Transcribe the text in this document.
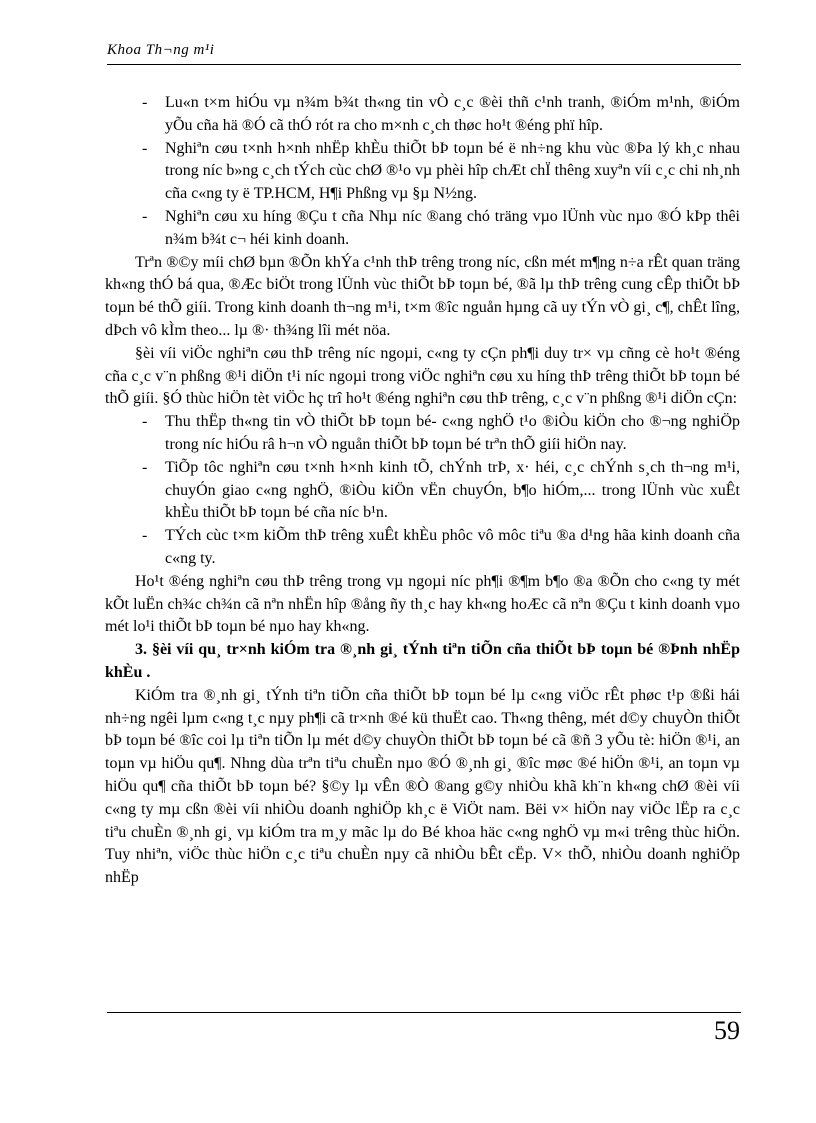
Khoa Th¬ng m¹i
- Lu«n t×m hiÓu vµ n¾m b¾t th«ng tin vÒ c¸c ®èi thñ c¹nh tranh, ®iÓm m¹nh, ®iÓm yÕu cña hä ®Ó cã thÓ rót ra cho m×nh c¸ch thøc ho¹t ®éng phï hîp.
- Nghiªn cøu t×nh h×nh nhËp khÈu thiÕt bÞ toµn bé ë nh÷ng khu vùc ®Þa lý kh¸c nhau trong níc b»ng c¸ch tÝch cùc chØ ®¹o vµ phèi hîp chÆt chÏ thêng xuyªn víi c¸c chi nh¸nh cña c«ng ty ë TP.HCM, H¶i Phßng vµ §µ N½ng.
- Nghiªn cøu xu híng ®Çu t cña Nhµ níc ®ang chó träng vµo lÜnh vùc nµo ®Ó kÞp thêi n¾m b¾t c¬ héi kinh doanh.

Trªn ®©y míi chØ bµn ®Õn khÝa c¹nh thÞ trêng trong níc, cßn mét m¶ng n÷a rÊt quan träng kh«ng thÓ bá qua, ®Æc biÖt trong lÜnh vùc thiÕt bÞ toµn bé, ®ã lµ thÞ trêng cung cÊp thiÕt bÞ toµn bé thÕ giíi. Trong kinh doanh th¬ng m¹i, t×m ®îc nguån hµng cã uy tÝn vÒ gi¸ c¶, chÊt lîng, dÞch vô kÌm theo... lµ ®· th¾ng lîi mét nöa.

§èi víi viÖc nghiªn cøu thÞ trêng níc ngoµi, c«ng ty cÇn ph¶i duy tr× vµ cñng cè ho¹t ®éng cña c¸c v¨n phßng ®¹i diÖn t¹i níc ngoµi trong viÖc nghiªn cøu xu híng thÞ trêng thiÕt bÞ toµn bé thÕ giíi. §Ó thùc hiÖn tèt viÖc hç trî ho¹t ®éng nghiªn cøu thÞ trêng, c¸c v¨n phßng ®¹i diÖn cÇn:

- Thu thËp th«ng tin vÒ thiÕt bÞ toµn bé- c«ng nghÖ t¹o ®iÒu kiÖn cho ®¬ng nghiÖp trong níc hiÓu râ h¬n vÒ nguån thiÕt bÞ toµn bé trªn thÕ giíi hiÖn nay.
- TiÕp tôc nghiªn cøu t×nh h×nh kinh tÕ, chÝnh trÞ, x· héi, c¸c chÝnh s¸ch th¬ng m¹i, chuyÓn giao c«ng nghÖ, ®iÒu kiÖn vËn chuyÓn, b¶o hiÓm,... trong lÜnh vùc xuÊt khÈu thiÕt bÞ toµn bé cña níc b¹n.
- TÝch cùc t×m kiÕm thÞ trêng xuÊt khÈu phôc vô môc tiªu ®a d¹ng hãa kinh doanh cña c«ng ty.

Ho¹t ®éng nghiªn cøu thÞ trêng trong vµ ngoµi níc ph¶i ®¶m b¶o ®a ®Õn cho c«ng ty mét kÕt luËn ch¾c ch¾n cã nªn nhËn hîp ®ång ñy th¸c hay kh«ng hoÆc cã nªn ®Çu t kinh doanh vµo mét lo¹i thiÕt bÞ toµn bé nµo hay kh«ng.

3. §èi víi qu¸ tr×nh kiÓm tra ®¸nh gi¸ tÝnh tiªn tiÕn cña thiÕt bÞ toµn bé ®Þnh nhËp khÈu .

KiÓm tra ®¸nh gi¸ tÝnh tiªn tiÕn cña thiÕt bÞ toµn bé lµ c«ng viÖc rÊt phøc t¹p ®ßi hái nh÷ng ngêi lµm c«ng t¸c nµy ph¶i cã tr×nh ®é kü thuËt cao. Th«ng thêng, mét d©y chuyÒn thiÕt bÞ toµn bé ®îc coi lµ tiªn tiÕn lµ mét d©y chuyÒn thiÕt bÞ toµn bé cã ®ñ 3 yÕu tè: hiÖn ®¹i, an toµn vµ hiÖu qu¶. Nhng dùa trªn tiªu chuÈn nµo ®Ó ®¸nh gi¸ ®îc møc ®é hiÖn ®¹i, an toµn vµ hiÖu qu¶ cña thiÕt bÞ toµn bé? §©y lµ vÊn ®Ò ®ang g©y nhiÒu khã kh¨n kh«ng chØ ®èi víi c«ng ty mµ cßn ®èi víi nhiÒu doanh nghiÖp kh¸c ë ViÖt nam. Bëi v× hiÖn nay viÖc lËp ra c¸c tiªu chuÈn ®¸nh gi¸ vµ kiÓm tra m¸y mãc lµ do Bé khoa häc c«ng nghÖ vµ m«i trêng thùc hiÖn. Tuy nhiªn, viÖc thùc hiÖn c¸c tiªu chuÈn nµy cã nhiÒu bÊt cËp. V× thÕ, nhiÒu doanh nghiÖp nhËp

59
